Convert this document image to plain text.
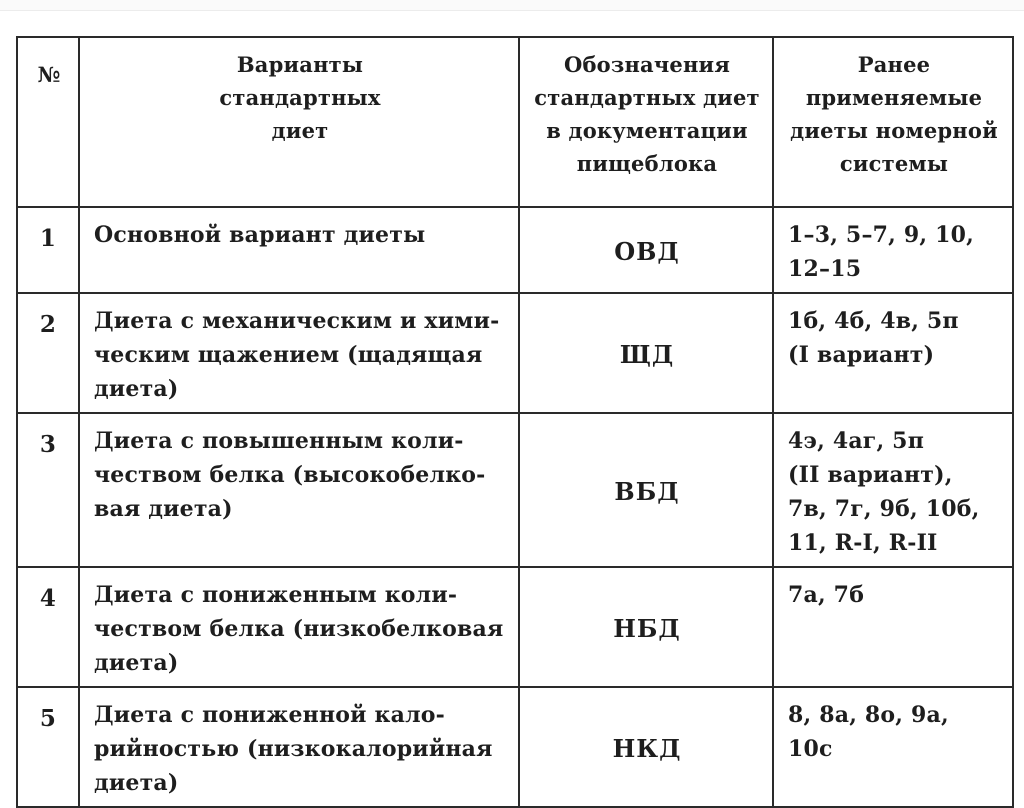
№	Варианты
стандартных
диет	Обозначения
стандартных диет
в документации
пищеблока	Ранее
применяемые
диеты номерной
системы

1	Основной вариант диеты	ОВД	1–3, 5–7, 9, 10,
12–15

2	Диета с механическим и хими-
ческим щажением (щадящая
диета)	ЩД	1б, 4б, 4в, 5п
(I вариант)

3	Диета с повышенным коли-
чеством белка (высокобелко-
вая диета)	ВБД	4э, 4аг, 5п
(II вариант),
7в, 7г, 9б, 10б,
11, R-I, R-II

4	Диета с пониженным коли-
чеством белка (низкобелковая
диета)	НБД	7а, 7б

5	Диета с пониженной кало-
рийностью (низкокалорийная
диета)	НКД	8, 8а, 8о, 9а, 10с
